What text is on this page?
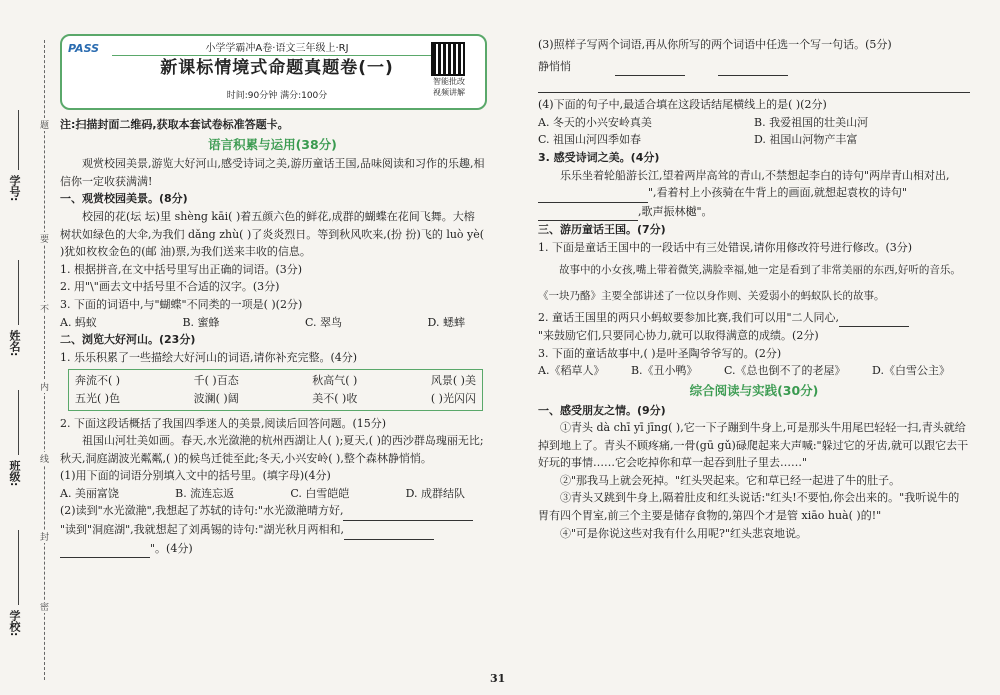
题
要
不
内
线
封
密
学号:
姓名:
班级:
学校:
PASS	小学学霸冲A卷·语文三年级上·RJ
新课标情境式命题真题卷(一)
时间:90分钟 满分:100分
智能批改
视频讲解
注:扫描封面二维码,获取本套试卷标准答题卡。
语言积累与运用(38分)
观赏校园美景,游览大好河山,感受诗词之美,游历童话王国,品味阅读和习作的乐趣,相信你一定收获满满!
一、观赏校园美景。(8分)
校园的花(坛 坛)里 shèng kāi( )着五颜六色的鲜花,成群的蝴蝶在花间飞舞。大榕树状如绿色的大伞,为我们 dǎng zhù( )了炎炎烈日。等到秋风吹来,(扮 扮)飞的 luò yè( )犹如枚枚金色的(邮 油)票,为我们送来丰收的信息。
1. 根据拼音,在文中括号里写出正确的词语。(3分)
2. 用"\"画去文中括号里不合适的汉字。(3分)
3. 下面的词语中,与"蝴蝶"不同类的一项是( )(2分)
A. 蚂蚁	B. 蜜蜂	C. 翠鸟	D. 蟋蟀
二、浏览大好河山。(23分)
1. 乐乐积累了一些描绘大好河山的词语,请你补充完整。(4分)
奔流不( )	千( )百态	秋高气( )	风景( )美
五光( )色	波澜( )阔	美不( )收	( )光闪闪
2. 下面这段话概括了我国四季迷人的美景,阅读后回答问题。(15分)
祖国山河壮美如画。春天,水光潋滟的杭州西湖让人( );夏天,( )的西沙群岛瑰丽无比;秋天,洞庭湖波光粼粼,( )的候鸟迁徙至此;冬天,小兴安岭( ),整个森林静悄悄。
(1)用下面的词语分别填入文中的括号里。(填字母)(4分)
A. 美丽富饶	B. 流连忘返	C. 白雪皑皑	D. 成群结队
(2)读到"水光潋滟",我想起了苏轼的诗句:"水光潋滟晴方好,
"读到"洞庭湖",我就想起了刘禹锡的诗句:"湖光秋月两相和,
"。(4分)
(3)照样子写两个词语,再从你所写的两个词语中任选一个写一句话。(5分)
静悄悄
(4)下面的句子中,最适合填在这段话结尾横线上的是( )(2分)
A. 冬天的小兴安岭真美	B. 我爱祖国的壮美山河
C. 祖国山河四季如春	D. 祖国山河物产丰富
3. 感受诗词之美。(4分)
乐乐坐着轮船游长江,望着两岸高耸的青山,不禁想起李白的诗句"两岸青山相对出, ",看着村上小孩骑在牛背上的画面,就想起袁枚的诗句" ,歌声振林樾"。
三、游历童话王国。(7分)
1. 下面是童话王国中的一段话中有三处错误,请你用修改符号进行修改。(3分)
故事中的小女孩,嘴上带着微笑,满脸幸福,她一定是看到了非常美丽的东西,好听的音乐。《一块乃酪》主要全部讲述了一位以身作则、关爱弱小的蚂蚁队长的故事。
2. 童话王国里的两只小蚂蚁要参加比赛,我们可以用"二人同心,
"来鼓励它们,只要同心协力,就可以取得满意的成绩。(2分)
3. 下面的童话故事中,( )是叶圣陶爷爷写的。(2分)
A.《稻草人》 B.《丑小鸭》 C.《总也倒不了的老屋》 D.《白雪公主》
综合阅读与实践(30分)
一、感受朋友之情。(9分)
①青头 dà chī yī jīng( ),它一下子蹦到牛身上,可是那头牛用尾巴轻轻一扫,青头就给掉到地上了。青头不顾疼痛,一骨(gū gǔ)碌爬起来大声喊:"躲过它的牙齿,就可以跟它去干好玩的事情……它会吃掉你和草一起吞到肚子里去……"
②"那我马上就会死掉。"红头哭起来。它和草已经一起进了牛的肚子。
③青头又跳到牛身上,隔着肚皮和红头说话:"红头!不要怕,你会出来的。"我听说牛的胃有四个胃室,前三个主要是储存食物的,第四个才是管 xiāo huà( )的!"
④"可是你说这些对我有什么用呢?"红头悲哀地说。
31
